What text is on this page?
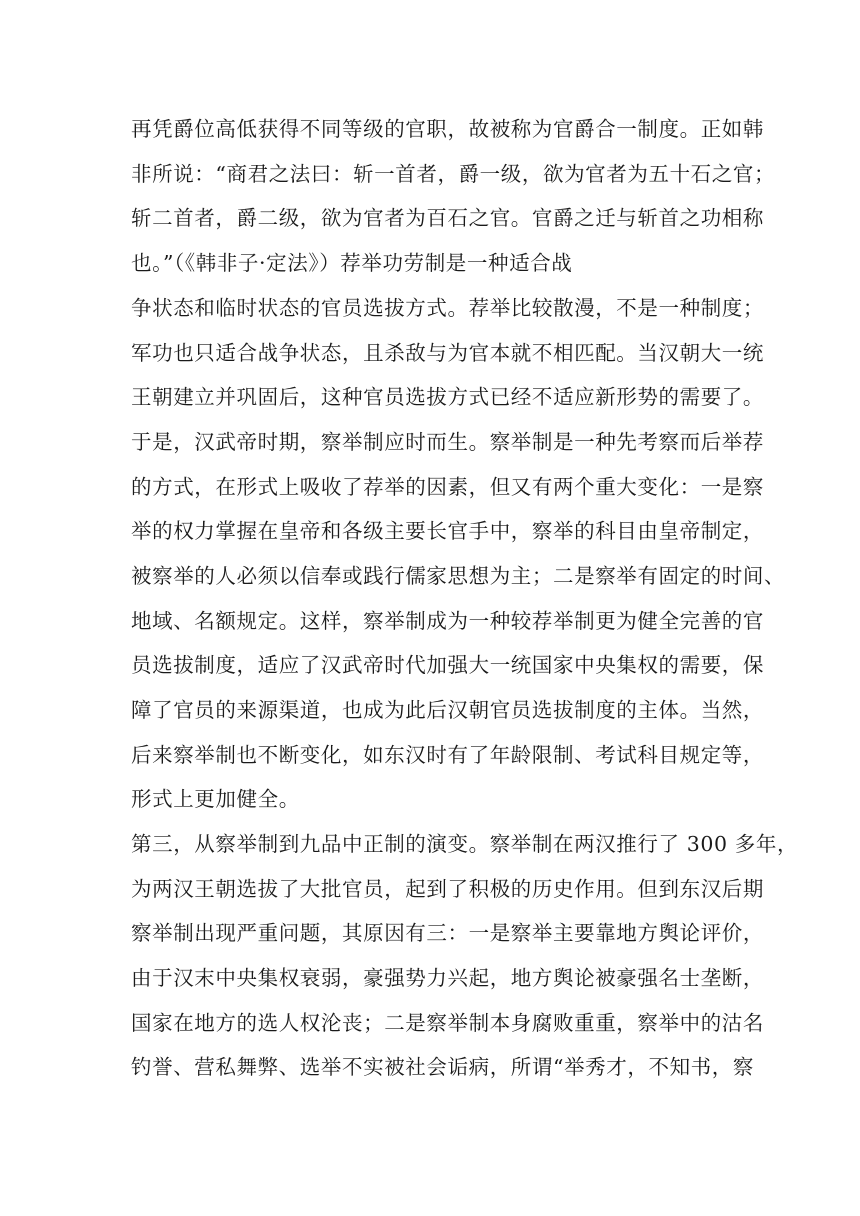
再凭爵位高低获得不同等级的官职，故被称为官爵合一制度。正如韩
非所说：“商君之法曰：斩一首者，爵一级，欲为官者为五十石之官；
斩二首者，爵二级，欲为官者为百石之官。官爵之迁与斩首之功相称
也。”（《韩非子·定法》）荐举功劳制是一种适合战
争状态和临时状态的官员选拔方式。荐举比较散漫，不是一种制度；
军功也只适合战争状态，且杀敌与为官本就不相匹配。当汉朝大一统
王朝建立并巩固后，这种官员选拔方式已经不适应新形势的需要了。
于是，汉武帝时期，察举制应时而生。察举制是一种先考察而后举荐
的方式，在形式上吸收了荐举的因素，但又有两个重大变化：一是察
举的权力掌握在皇帝和各级主要长官手中，察举的科目由皇帝制定，
被察举的人必须以信奉或践行儒家思想为主；二是察举有固定的时间、
地域、名额规定。这样，察举制成为一种较荐举制更为健全完善的官
员选拔制度，适应了汉武帝时代加强大一统国家中央集权的需要，保
障了官员的来源渠道，也成为此后汉朝官员选拔制度的主体。当然，
后来察举制也不断变化，如东汉时有了年龄限制、考试科目规定等，
形式上更加健全。
第三，从察举制到九品中正制的演变。察举制在两汉推行了 300 多年，
为两汉王朝选拔了大批官员，起到了积极的历史作用。但到东汉后期
察举制出现严重问题，其原因有三：一是察举主要靠地方舆论评价，
由于汉末中央集权衰弱，豪强势力兴起，地方舆论被豪强名士垄断，
国家在地方的选人权沦丧；二是察举制本身腐败重重，察举中的沽名
钓誉、营私舞弊、选举不实被社会诟病，所谓“举秀才，不知书，察
